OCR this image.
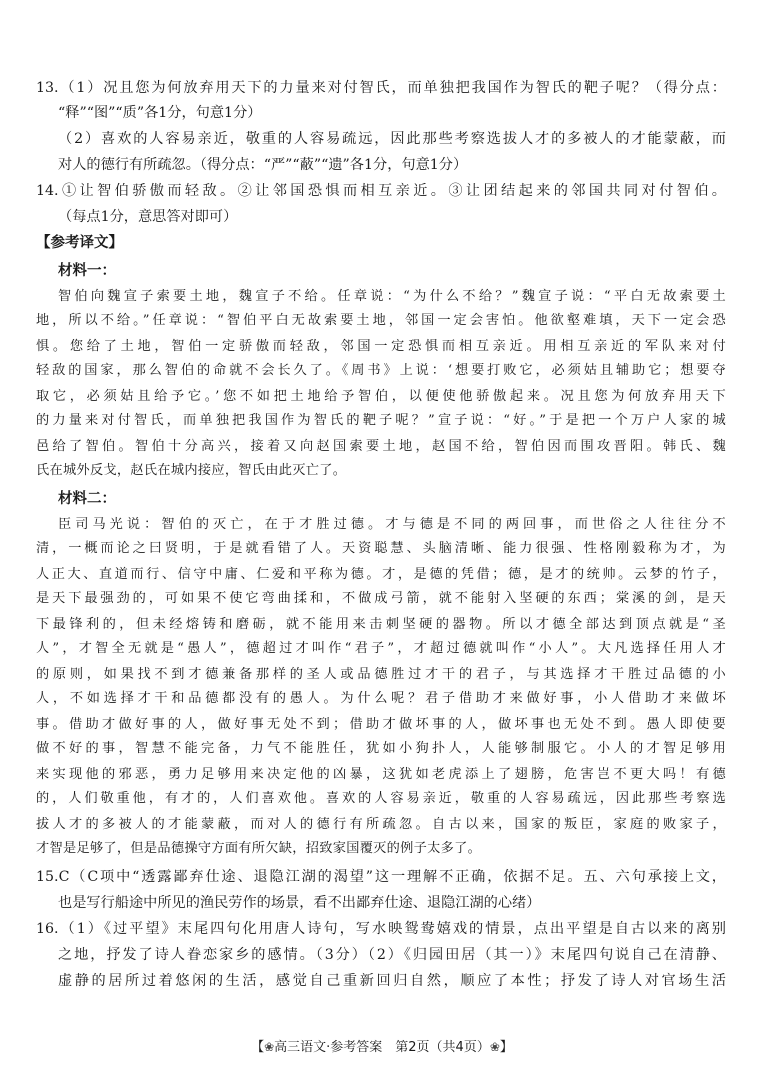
13.（1）况且您为何放弃用天下的力量来对付智氏，而单独把我国作为智氏的靶子呢？（得分点：
“释”“图”“质”各1分，句意1分）
（2）喜欢的人容易亲近，敬重的人容易疏远，因此那些考察选拔人才的多被人的才能蒙蔽，而
对人的德行有所疏忽。（得分点：“严”“蔽”“遗”各1分，句意1分）
14.①让智伯骄傲而轻敌。②让邻国恐惧而相互亲近。③让团结起来的邻国共同对付智伯。
（每点1分，意思答对即可）
【参考译文】
材料一：
智伯向魏宣子索要土地，魏宣子不给。任章说：“为什么不给？”魏宣子说：“平白无故索要土
地，所以不给。”任章说：“智伯平白无故索要土地，邻国一定会害怕。他欲壑难填，天下一定会恐
惧。您给了土地，智伯一定骄傲而轻敌，邻国一定恐惧而相互亲近。用相互亲近的军队来对付
轻敌的国家，那么智伯的命就不会长久了。《周书》上说：‘想要打败它，必须姑且辅助它；想要夺
取它，必须姑且给予它。’您不如把土地给予智伯，以便使他骄傲起来。况且您为何放弃用天下
的力量来对付智氏，而单独把我国作为智氏的靶子呢？”宣子说：“好。”于是把一个万户人家的城
邑给了智伯。智伯十分高兴，接着又向赵国索要土地，赵国不给，智伯因而围攻晋阳。韩氏、魏
氏在城外反戈，赵氏在城内接应，智氏由此灭亡了。
材料二：
臣司马光说：智伯的灭亡，在于才胜过德。才与德是不同的两回事，而世俗之人往往分不
清，一概而论之曰贤明，于是就看错了人。天资聪慧、头脑清晰、能力很强、性格刚毅称为才，为
人正大、直道而行、信守中庸、仁爱和平称为德。才，是德的凭借；德，是才的统帅。云梦的竹子，
是天下最强劲的，可如果不使它弯曲揉和，不做成弓箭，就不能射入坚硬的东西；棠溪的剑，是天
下最锋利的，但未经熔铸和磨砺，就不能用来击刺坚硬的器物。所以才德全部达到顶点就是“圣
人”，才智全无就是“愚人”，德超过才叫作“君子”，才超过德就叫作“小人”。大凡选择任用人才
的原则，如果找不到才德兼备那样的圣人或品德胜过才干的君子，与其选择才干胜过品德的小
人，不如选择才干和品德都没有的愚人。为什么呢？君子借助才来做好事，小人借助才来做坏
事。借助才做好事的人，做好事无处不到；借助才做坏事的人，做坏事也无处不到。愚人即使要
做不好的事，智慧不能完备，力气不能胜任，犹如小狗扑人，人能够制服它。小人的才智足够用
来实现他的邪恶，勇力足够用来决定他的凶暴，这犹如老虎添上了翅膀，危害岂不更大吗！有德
的，人们敬重他，有才的，人们喜欢他。喜欢的人容易亲近，敬重的人容易疏远，因此那些考察选
拔人才的多被人的才能蒙蔽，而对人的德行有所疏忽。自古以来，国家的叛臣，家庭的败家子，
才智是足够了，但是品德操守方面有所欠缺，招致家国覆灭的例子太多了。
15.C（C项中“透露鄙弃仕途、退隐江湖的渴望”这一理解不正确，依据不足。五、六句承接上文，
也是写行船途中所见的渔民劳作的场景，看不出鄙弃仕途、退隐江湖的心绪）
16.（1）《过平望》末尾四句化用唐人诗句，写水映鸳鸯嬉戏的情景，点出平望是自古以来的离别
之地，抒发了诗人眷恋家乡的感情。（3分）（2）《归园田居（其一）》末尾四句说自己在清静、
虚静的居所过着悠闲的生活，感觉自己重新回归自然，顺应了本性；抒发了诗人对官场生活
【❀高三语文·参考答案　第2页（共4页）❀】
